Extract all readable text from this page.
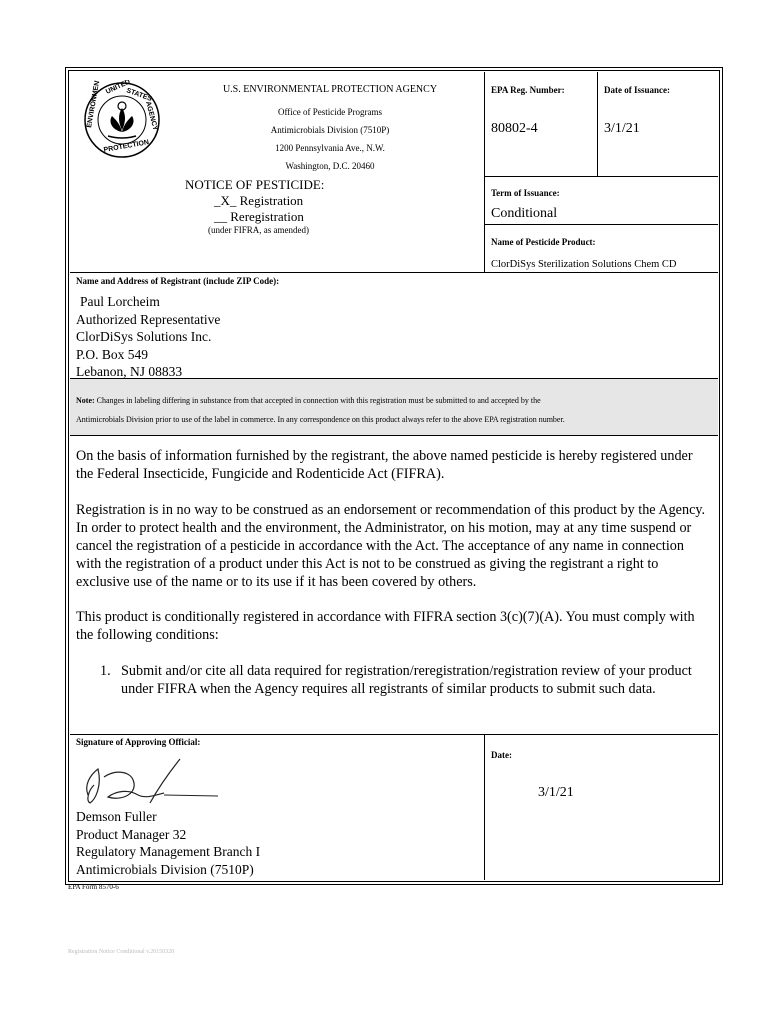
UNITED
STATES
ENVIRONMENTAL	AGENCY
PROTECTION
U.S. ENVIRONMENTAL PROTECTION AGENCY
Office of Pesticide Programs
Antimicrobials Division (7510P)
1200 Pennsylvania Ave., N.W.
Washington, D.C. 20460
NOTICE OF PESTICIDE:
_X_ Registration
__ Reregistration
(under FIFRA, as amended)
EPA Reg. Number:
80802-4
Date of Issuance:
3/1/21
Term of Issuance:
Conditional
Name of Pesticide Product:
ClorDiSys Sterilization Solutions Chem CD
Name and Address of Registrant (include ZIP Code):
Paul Lorcheim
Authorized Representative
ClorDiSys Solutions Inc.
P.O. Box 549
Lebanon, NJ 08833
Note: Changes in labeling differing in substance from that accepted in connection with this registration must be submitted to and accepted by the
Antimicrobials Division prior to use of the label in commerce. In any correspondence on this product always refer to the above EPA registration number.
On the basis of information furnished by the registrant, the above named pesticide is hereby registered under the Federal Insecticide, Fungicide and Rodenticide Act (FIFRA).
Registration is in no way to be construed as an endorsement or recommendation of this product by the Agency. In order to protect health and the environment, the Administrator, on his motion, may at any time suspend or cancel the registration of a pesticide in accordance with the Act. The acceptance of any name in connection with the registration of a product under this Act is not to be construed as giving the registrant a right to exclusive use of the name or to its use if it has been covered by others.
This product is conditionally registered in accordance with FIFRA section 3(c)(7)(A). You must comply with the following conditions:
1. Submit and/or cite all data required for registration/reregistration/registration review of your product under FIFRA when the Agency requires all registrants of similar products to submit such data.
Signature of Approving Official:
Demson Fuller
Product Manager 32
Regulatory Management Branch I
Antimicrobials Division (7510P)
Date:
3/1/21
EPA Form 8570-6
Registration Notice Conditional v.20150320
